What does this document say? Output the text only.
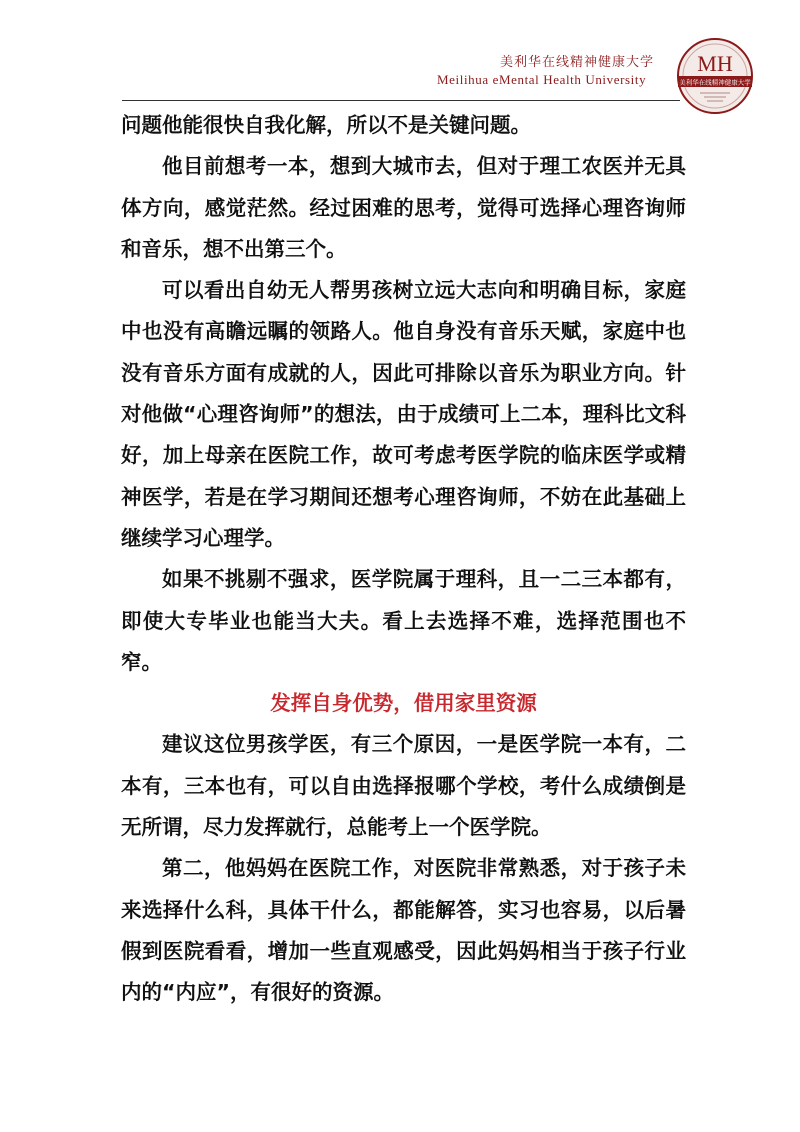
美利华在线精神健康大学
Meilihua eMental Health University
MH
美利华在线精神健康大学

问题他能很快自我化解，所以不是关键问题。

他目前想考一本，想到大城市去，但对于理工农医并无具体方向，感觉茫然。经过困难的思考，觉得可选择心理咨询师和音乐，想不出第三个。

可以看出自幼无人帮男孩树立远大志向和明确目标，家庭中也没有高瞻远瞩的领路人。他自身没有音乐天赋，家庭中也没有音乐方面有成就的人，因此可排除以音乐为职业方向。针对他做“心理咨询师”的想法，由于成绩可上二本，理科比文科好，加上母亲在医院工作，故可考虑考医学院的临床医学或精神医学，若是在学习期间还想考心理咨询师，不妨在此基础上继续学习心理学。

如果不挑剔不强求，医学院属于理科，且一二三本都有，即使大专毕业也能当大夫。看上去选择不难，选择范围也不窄。

发挥自身优势，借用家里资源

建议这位男孩学医，有三个原因，一是医学院一本有，二本有，三本也有，可以自由选择报哪个学校，考什么成绩倒是无所谓，尽力发挥就行，总能考上一个医学院。

第二，他妈妈在医院工作，对医院非常熟悉，对于孩子未来选择什么科，具体干什么，都能解答，实习也容易，以后暑假到医院看看，增加一些直观感受，因此妈妈相当于孩子行业内的“内应”，有很好的资源。
